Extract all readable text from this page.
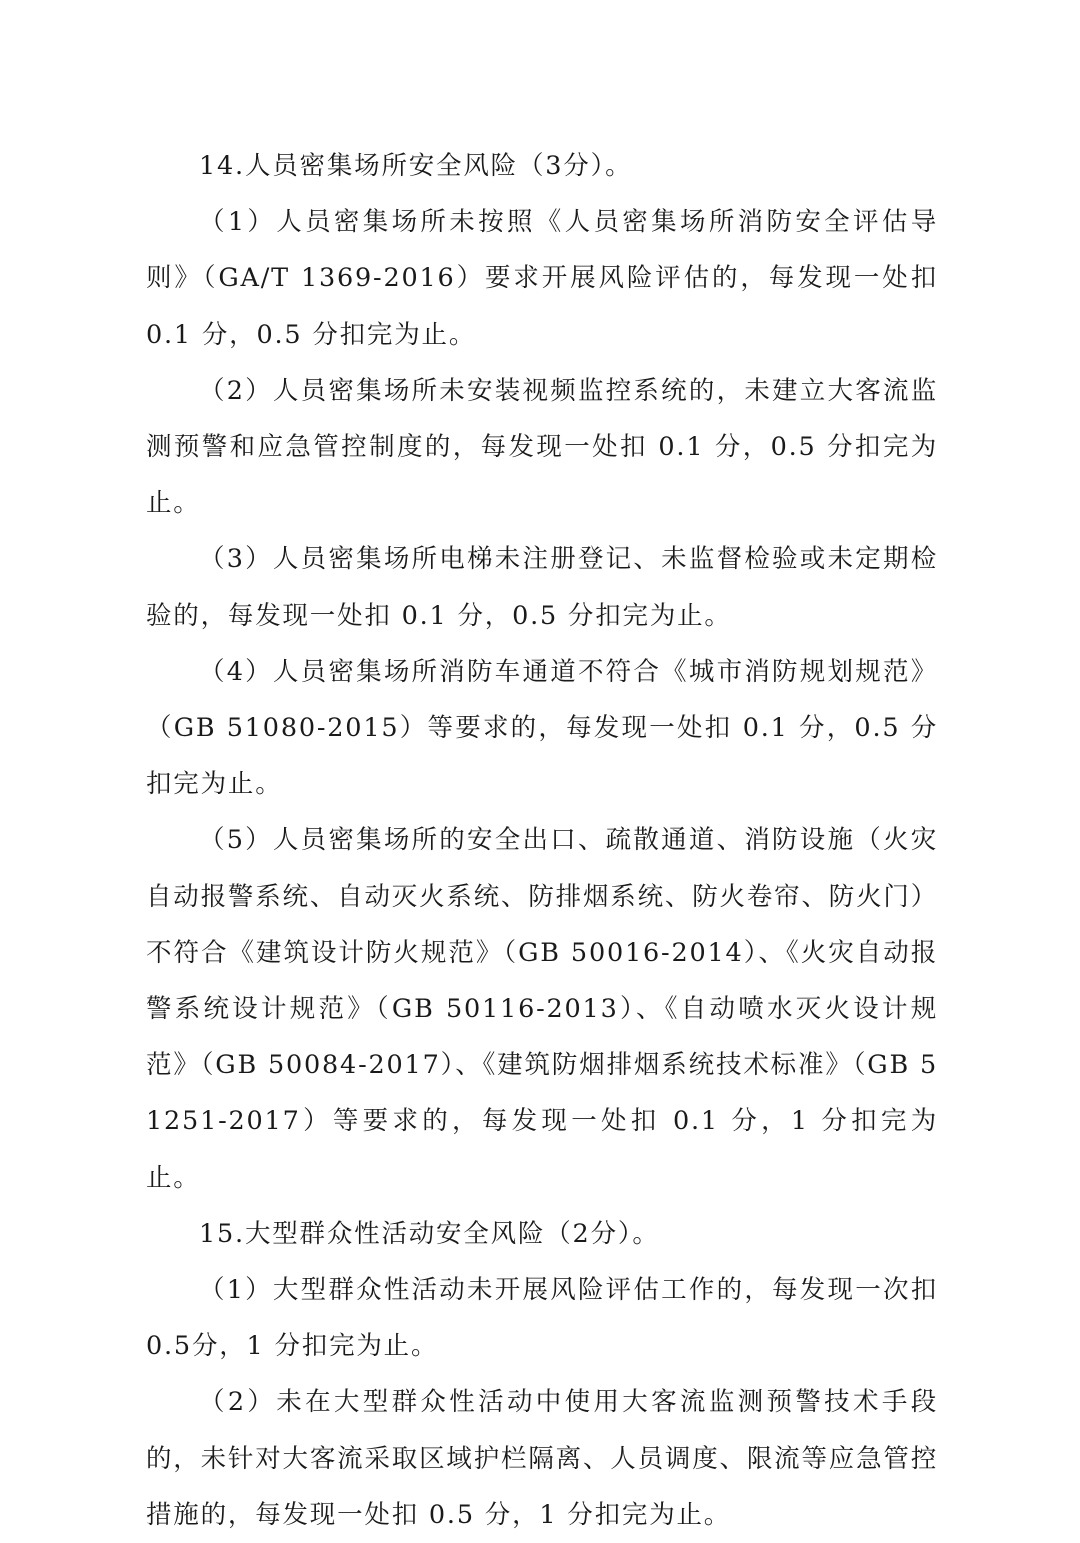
14.人员密集场所安全风险（3分）。

（1）人员密集场所未按照《人员密集场所消防安全评估导则》（GA/T 1369-2016）要求开展风险评估的，每发现一处扣 0.1 分，0.5 分扣完为止。

（2）人员密集场所未安装视频监控系统的，未建立大客流监测预警和应急管控制度的，每发现一处扣 0.1 分，0.5 分扣完为止。

（3）人员密集场所电梯未注册登记、未监督检验或未定期检验的，每发现一处扣 0.1 分，0.5 分扣完为止。

（4）人员密集场所消防车通道不符合《城市消防规划规范》（GB 51080-2015）等要求的，每发现一处扣 0.1 分，0.5 分扣完为止。

（5）人员密集场所的安全出口、疏散通道、消防设施（火灾自动报警系统、自动灭火系统、防排烟系统、防火卷帘、防火门）不符合《建筑设计防火规范》（GB 50016-2014）、《火灾自动报警系统设计规范》（GB 50116-2013）、《自动喷水灭火设计规范》（GB 50084-2017）、《建筑防烟排烟系统技术标准》（GB 51251-2017）等要求的，每发现一处扣 0.1 分，1 分扣完为止。

15.大型群众性活动安全风险（2分）。

（1）大型群众性活动未开展风险评估工作的，每发现一次扣 0.5分，1 分扣完为止。

（2）未在大型群众性活动中使用大客流监测预警技术手段的，未针对大客流采取区域护栏隔离、人员调度、限流等应急管控措施的，每发现一处扣 0.5 分，1 分扣完为止。
